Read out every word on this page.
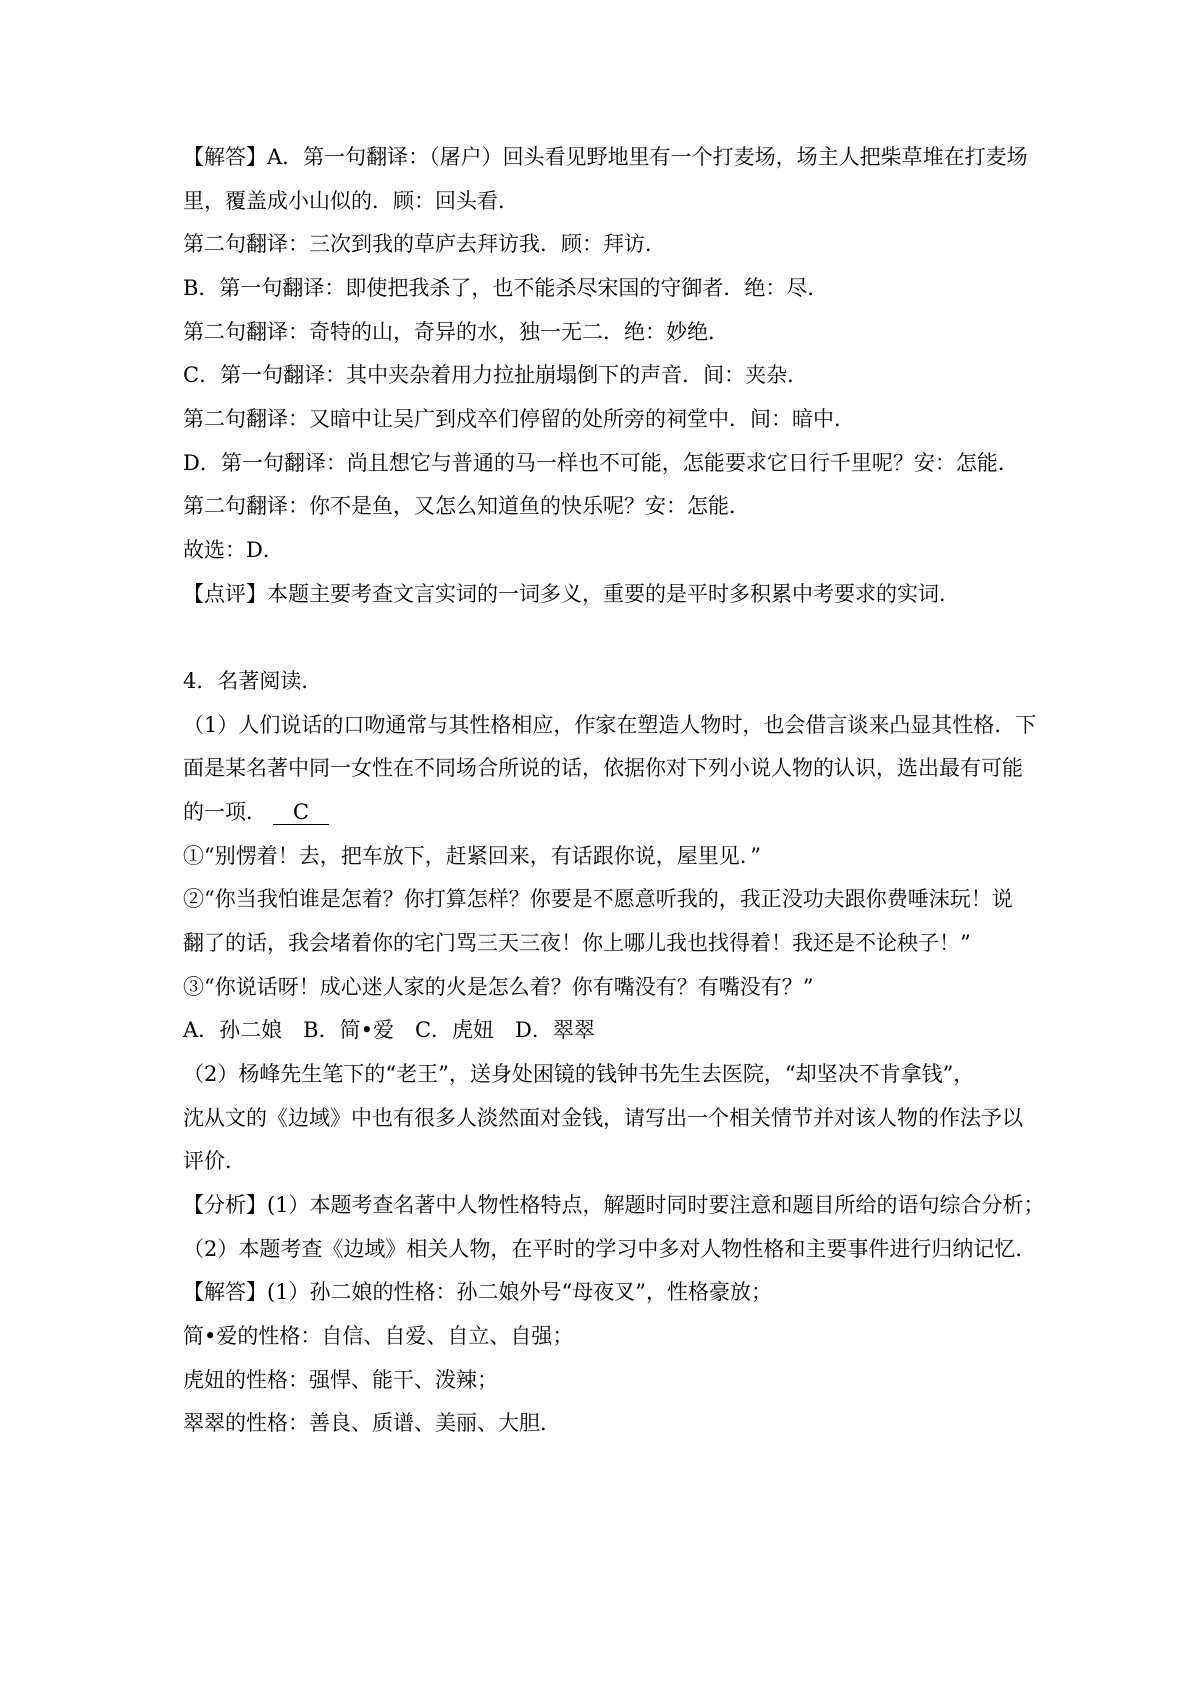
【解答】A．第一句翻译：（屠户）回头看见野地里有一个打麦场，场主人把柴草堆在打麦场
里，覆盖成小山似的．顾：回头看．
第二句翻译：三次到我的草庐去拜访我．顾：拜访．
B．第一句翻译：即使把我杀了，也不能杀尽宋国的守御者．绝：尽．
第二句翻译：奇特的山，奇异的水，独一无二．绝：妙绝．
C．第一句翻译：其中夹杂着用力拉扯崩塌倒下的声音．间：夹杂．
第二句翻译：又暗中让吴广到戍卒们停留的处所旁的祠堂中．间：暗中．
D．第一句翻译：尚且想它与普通的马一样也不可能，怎能要求它日行千里呢？安：怎能．
第二句翻译：你不是鱼，又怎么知道鱼的快乐呢？安：怎能．
故选：D．
【点评】本题主要考查文言实词的一词多义，重要的是平时多积累中考要求的实词．
4．名著阅读．
（1）人们说话的口吻通常与其性格相应，作家在塑造人物时，也会借言谈来凸显其性格．下
面是某名著中同一女性在不同场合所说的话，依据你对下列小说人物的认识，选出最有可能
的一项． C
①“别愣着！去，把车放下，赶紧回来，有话跟你说，屋里见．”
②“你当我怕谁是怎着？你打算怎样？你要是不愿意听我的，我正没功夫跟你费唾沫玩！说
翻了的话，我会堵着你的宅门骂三天三夜！你上哪儿我也找得着！我还是不论秧子！”
③“你说话呀！成心迷人家的火是怎么着？你有嘴没有？有嘴没有？”
A．孙二娘　B．简•爱　C．虎妞　D．翠翠
（2）杨峰先生笔下的“老王”，送身处困镜的钱钟书先生去医院，“却坚决不肯拿钱”，
沈从文的《边域》中也有很多人淡然面对金钱，请写出一个相关情节并对该人物的作法予以
评价．
【分析】(1）本题考查名著中人物性格特点，解题时同时要注意和题目所给的语句综合分析；
（2）本题考查《边域》相关人物，在平时的学习中多对人物性格和主要事件进行归纳记忆．
【解答】(1）孙二娘的性格：孙二娘外号“母夜叉”，性格豪放；
简•爱的性格：自信、自爱、自立、自强；
虎妞的性格：强悍、能干、泼辣；
翠翠的性格：善良、质谱、美丽、大胆．
